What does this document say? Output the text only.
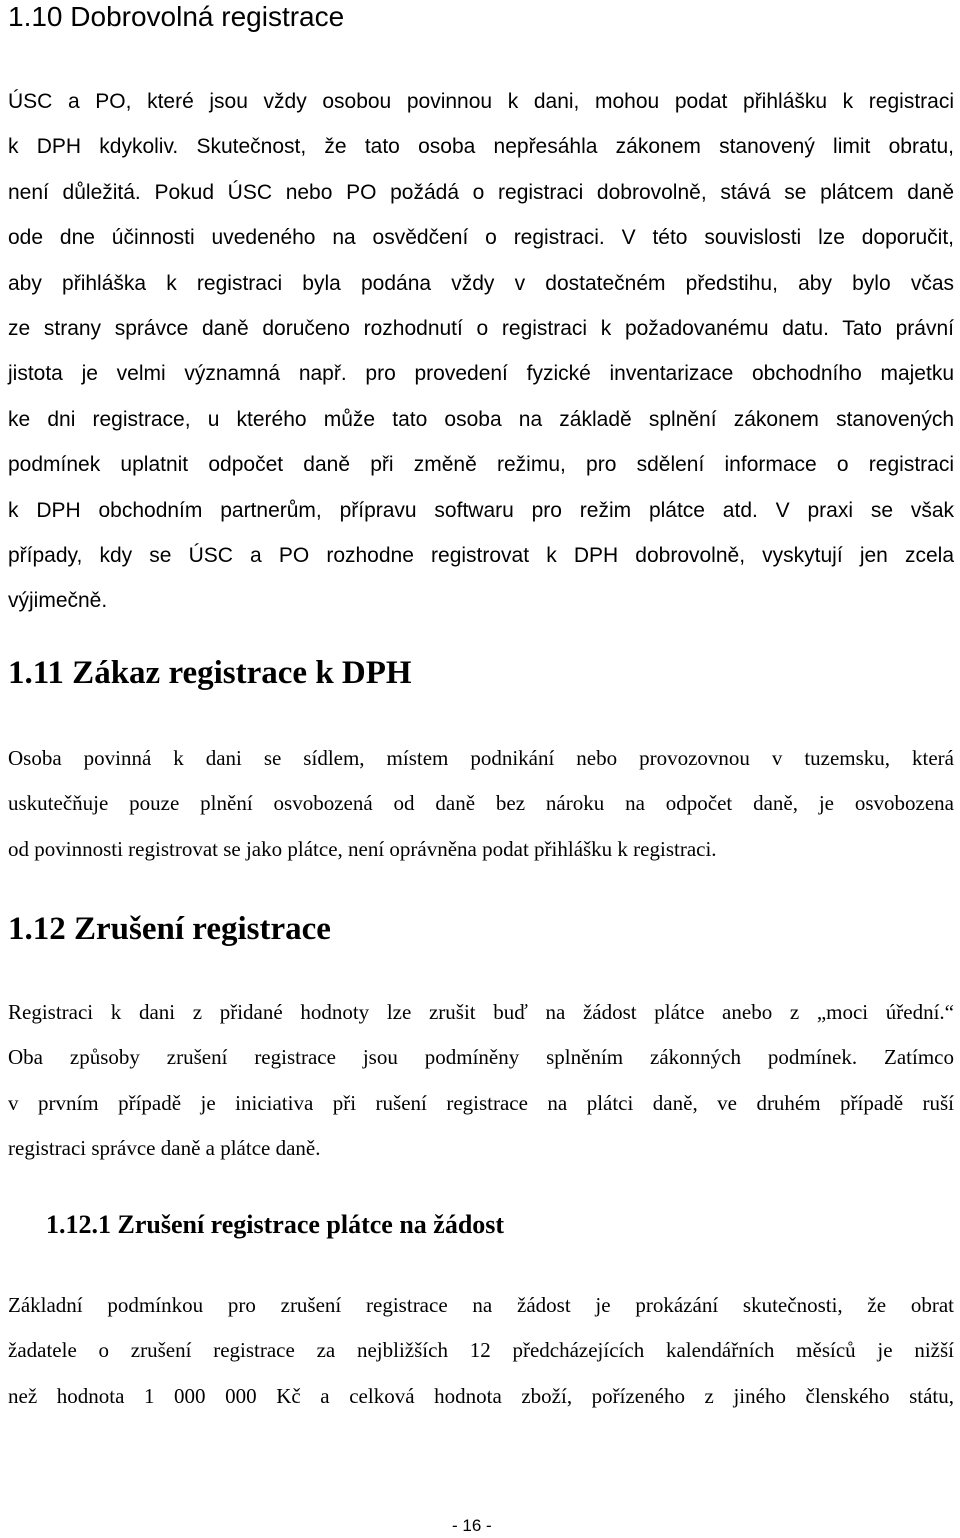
1.10 Dobrovolná registrace
ÚSC a PO, které jsou vždy osobou povinnou k dani, mohou podat přihlášku k registraci
k DPH kdykoliv. Skutečnost, že tato osoba nepřesáhla zákonem stanovený limit obratu,
není důležitá. Pokud ÚSC nebo PO požádá o registraci dobrovolně, stává se plátcem daně
ode dne účinnosti uvedeného na osvědčení o registraci. V této souvislosti lze doporučit,
aby přihláška k registraci byla podána vždy v dostatečném předstihu, aby bylo včas
ze strany správce daně doručeno rozhodnutí o registraci k požadovanému datu. Tato právní
jistota je velmi významná např. pro provedení fyzické inventarizace obchodního majetku
ke dni registrace, u kterého může tato osoba na základě splnění zákonem stanovených
podmínek uplatnit odpočet daně při změně režimu, pro sdělení informace o registraci
k DPH obchodním partnerům, přípravu softwaru pro režim plátce atd. V praxi se však
případy, kdy se ÚSC a PO rozhodne registrovat k DPH dobrovolně, vyskytují jen zcela
výjimečně.
1.11 Zákaz registrace k DPH
Osoba povinná k dani se sídlem, místem podnikání nebo provozovnou v tuzemsku, která
uskutečňuje pouze plnění osvobozená od daně bez nároku na odpočet daně, je osvobozena
od povinnosti registrovat se jako plátce, není oprávněna podat přihlášku k registraci.
1.12 Zrušení registrace
Registraci k dani z přidané hodnoty lze zrušit buď na žádost plátce anebo z „moci úřední.“
Oba způsoby zrušení registrace jsou podmíněny splněním zákonných podmínek. Zatímco
v prvním případě je iniciativa při rušení registrace na plátci daně, ve druhém případě ruší
registraci správce daně a plátce daně.
1.12.1 Zrušení registrace plátce na žádost
Základní podmínkou pro zrušení registrace na žádost je prokázání skutečnosti, že obrat
žadatele o zrušení registrace za nejbližších 12 předcházejících kalendářních měsíců je nižší
než hodnota 1 000 000 Kč a celková hodnota zboží, pořízeného z jiného členského státu,
- 16 -
